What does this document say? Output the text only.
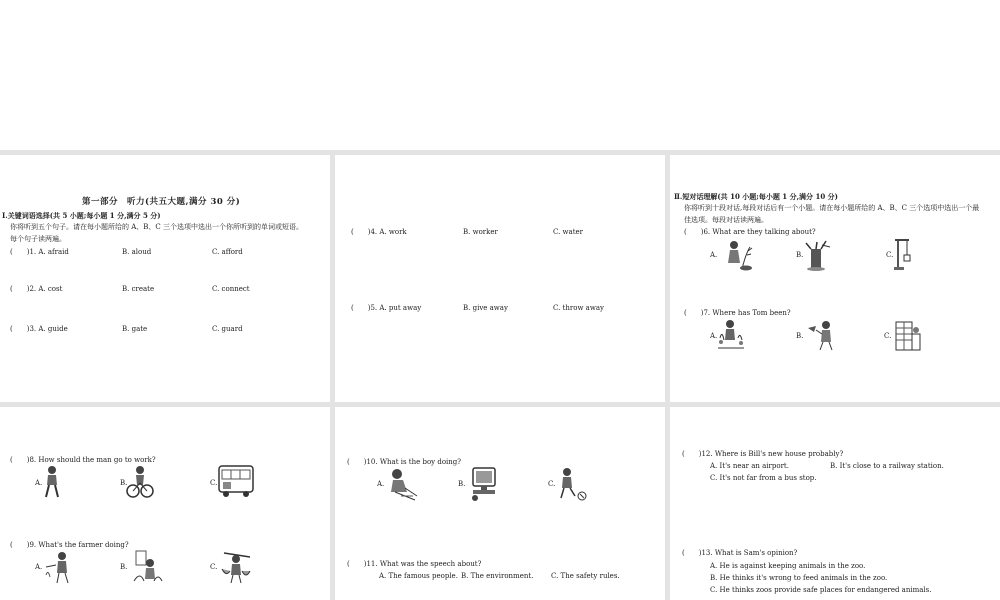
第一部分　听力(共五大题,满分 30 分)
Ⅰ.关键词语选择(共 5 小题;每小题 1 分,满分 5 分)
你将听到五个句子。请在每小题所给的 A、B、C 三个选项中选出一个你所听到的单词或短语。
每个句子读两遍。
(　　)1. A. afraid	B. aloud	C. afford
(　　)2. A. cost	B. create	C. connect
(　　)3. A. guide	B. gate	C. guard
(　　)4. A. work	B. worker	C. water
(　　)5. A. put away	B. give away	C. throw away
Ⅱ.短对话理解(共 10 小题;每小题 1 分,满分 10 分)
你将听到十段对话,每段对话后有一个小题。请在每小题所给的 A、B、C 三个选项中选出一个最
佳选项。每段对话读两遍。
(　　)6. What are they talking about?
A.	B.	C.
(　　)7. Where has Tom been?
A.	B.	C.
(　　)8. How should the man go to work?
A.	B.	C.
(　　)9. What's the farmer doing?
A.	B.	C.
(　　)10. What is the boy doing?
A.	B.	C.
(　　)11. What was the speech about?
A. The famous people. B. The environment.	C. The safety rules.
(　　)12. Where is Bill's new house probably?
A. It's near an airport.	B. It's close to a railway station.
C. It's not far from a bus stop.
(　　)13. What is Sam's opinion?
A. He is against keeping animals in the zoo.
B. He thinks it's wrong to feed animals in the zoo.
C. He thinks zoos provide safe places for endangered animals.
